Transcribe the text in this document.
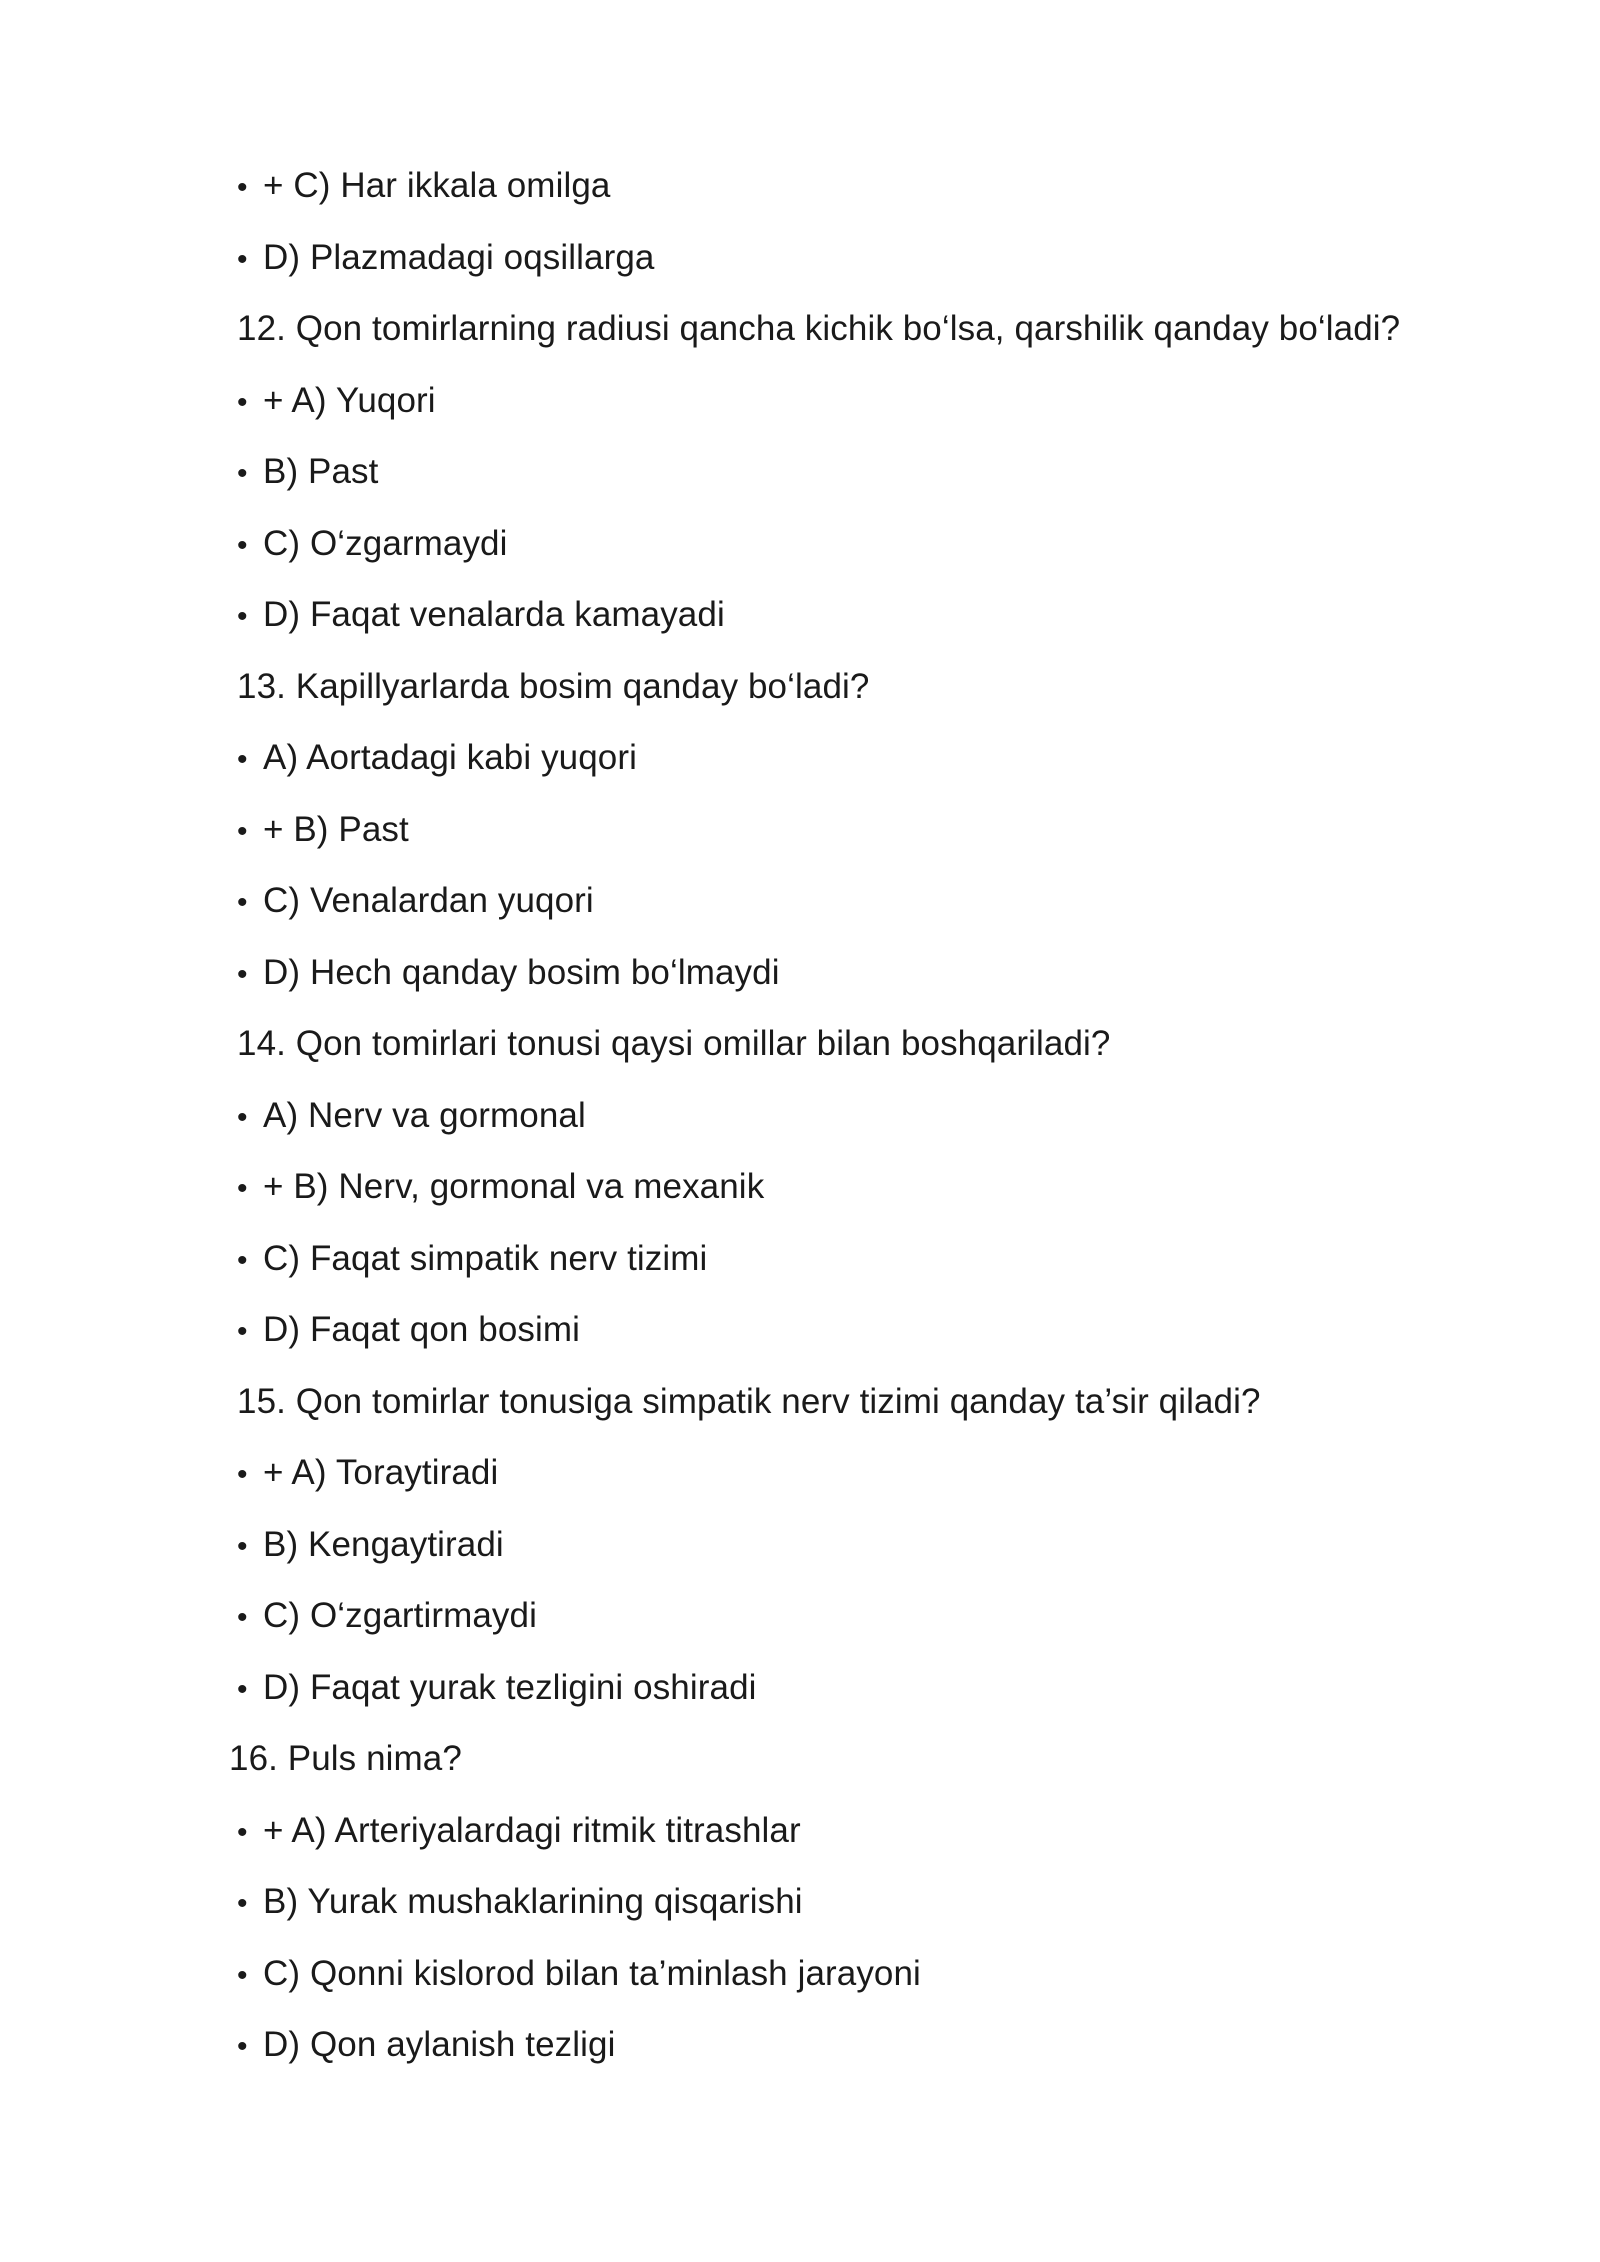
• + C) Har ikkala omilga
• D) Plazmadagi oqsillarga
12. Qon tomirlarning radiusi qancha kichik bo‘lsa, qarshilik qanday bo‘ladi?
• + A) Yuqori
• B) Past
• C) O‘zgarmaydi
• D) Faqat venalarda kamayadi
13. Kapillyarlarda bosim qanday bo‘ladi?
• A) Aortadagi kabi yuqori
• + B) Past
• C) Venalardan yuqori
• D) Hech qanday bosim bo‘lmaydi
14. Qon tomirlari tonusi qaysi omillar bilan boshqariladi?
• A) Nerv va gormonal
• + B) Nerv, gormonal va mexanik
• C) Faqat simpatik nerv tizimi
• D) Faqat qon bosimi
15. Qon tomirlar tonusiga simpatik nerv tizimi qanday ta’sir qiladi?
• + A) Toraytiradi
• B) Kengaytiradi
• C) O‘zgartirmaydi
• D) Faqat yurak tezligini oshiradi
16. Puls nima?
• + A) Arteriyalardagi ritmik titrashlar
• B) Yurak mushaklarining qisqarishi
• C) Qonni kislorod bilan ta’minlash jarayoni
• D) Qon aylanish tezligi
